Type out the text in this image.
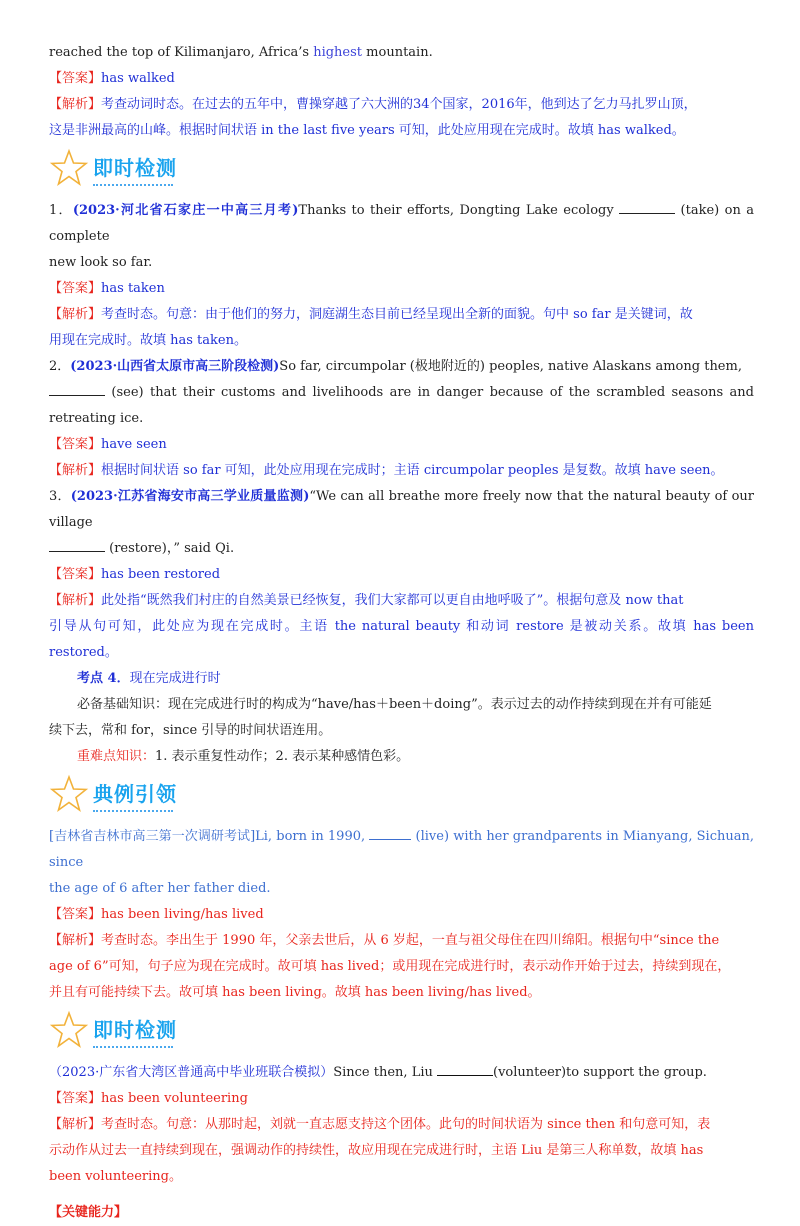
reached the top of Kilimanjaro, Africa’s highest mountain.

【答案】has walked

【解析】考查动词时态。在过去的五年中，曹操穿越了六大洲的34个国家，2016年，他到达了乞力马扎罗山顶，
这是非洲最高的山峰。根据时间状语 in the last five years 可知，此处应用现在完成时。故填 has walked。

即时检测

1．(2023·河北省石家庄一中高三月考)Thanks to their efforts, Dongting Lake ecology	(take) on a complete
new look so far.

【答案】has taken

【解析】考查时态。句意：由于他们的努力，洞庭湖生态目前已经呈现出全新的面貌。句中 so far 是关键词，故
用现在完成时。故填 has taken。

2．(2023·山西省太原市高三阶段检测)So far, circumpolar (极地附近的) peoples, native Alaskans among them,
(see) that their customs and livelihoods are in danger because of the scrambled seasons and retreating ice.

【答案】have seen

【解析】根据时间状语 so far 可知，此处应用现在完成时；主语 circumpolar peoples 是复数。故填 have seen。

3．(2023·江苏省海安市高三学业质量监测)“We can all breathe more freely now that the natural beauty of our village
(restore)，” said Qi.

【答案】has been restored

【解析】此处指“既然我们村庄的自然美景已经恢复，我们大家都可以更自由地呼吸了”。根据句意及 now that
引导从句可知，此处应为现在完成时。主语 the natural beauty 和动词 restore 是被动关系。故填 has been restored。

考点 4．现在完成进行时

必备基础知识：现在完成进行时的构成为“have/has＋been＋doing”。表示过去的动作持续到现在并有可能延
续下去，常和 for，since 引导的时间状语连用。

重难点知识：1. 表示重复性动作；2. 表示某种感情色彩。

典例引领

[吉林省吉林市高三第一次调研考试]Li, born in 1990,	(live) with her grandparents in Mianyang, Sichuan, since
the age of 6 after her father died.

【答案】has been living/has lived

【解析】考查时态。李出生于 1990 年，父亲去世后，从 6 岁起，一直与祖父母住在四川绵阳。根据句中“since the
age of 6”可知，句子应为现在完成时。故可填 has lived；或用现在完成进行时，表示动作开始于过去，持续到现在，
并且有可能持续下去。故可填 has been living。故填 has been living/has lived。

即时检测

（2023·广东省大湾区普通高中毕业班联合模拟）Since then, Liu	(volunteer)to support the group.

【答案】has been volunteering

【解析】考查时态。句意：从那时起，刘就一直志愿支持这个团体。此句的时间状语为 since then 和句意可知，表
示动作从过去一直持续到现在，强调动作的持续性，故应用现在完成进行时，主语 Liu 是第三人称单数，故填 has
been volunteering。

【关键能力】
